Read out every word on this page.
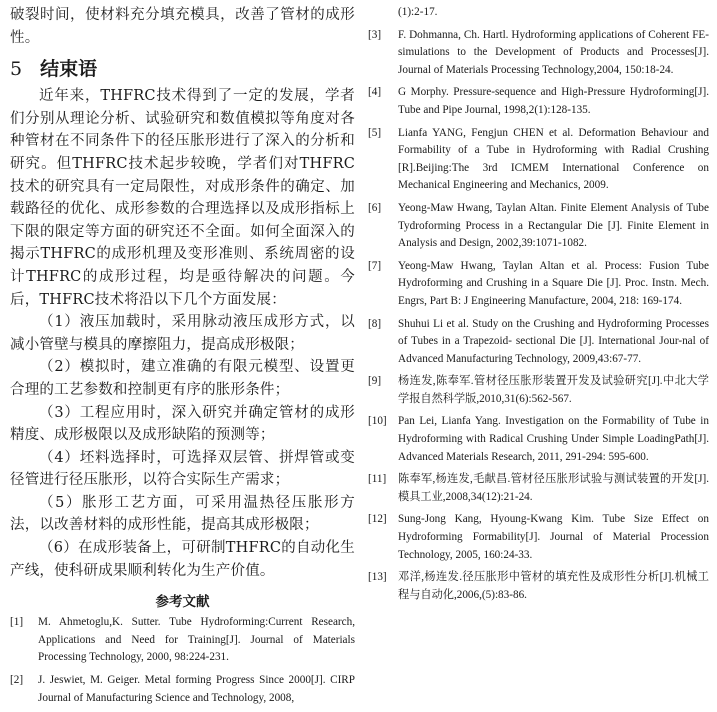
破裂时间，使材料充分填充模具，改善了管材的成形性。

5 结束语

近年来，THFRC技术得到了一定的发展，学者们分别从理论分析、试验研究和数值模拟等角度对各种管材在不同条件下的径压胀形进行了深入的分析和研究。但THFRC技术起步较晚，学者们对THFRC技术的研究具有一定局限性，对成形条件的确定、加载路径的优化、成形参数的合理选择以及成形指标上下限的限定等方面的研究还不全面。如何全面深入的揭示THFRC的成形机理及变形准则、系统周密的设计THFRC的成形过程，均是亟待解决的问题。今后，THFRC技术将沿以下几个方面发展：

（1）液压加载时，采用脉动液压成形方式，以减小管壁与模具的摩擦阻力，提高成形极限；

（2）模拟时，建立准确的有限元模型、设置更合理的工艺参数和控制更有序的胀形条件；

（3）工程应用时，深入研究并确定管材的成形精度、成形极限以及成形缺陷的预测等；

（4）坯料选择时，可选择双层管、拼焊管或变径管进行径压胀形，以符合实际生产需求；

（5）胀形工艺方面，可采用温热径压胀形方法，以改善材料的成形性能，提高其成形极限；

（6）在成形装备上，可研制THFRC的自动化生产线，使科研成果顺利转化为生产价值。

参考文献
[1]	M. Ahmetoglu,K. Sutter. Tube Hydroforming:Current Research, Applications and Need for Training[J]. Journal of Materials Processing Technology, 2000, 98:224-231.
[2]	J. Jeswiet, M. Geiger. Metal forming Progress Since 2000[J]. CIRP Journal of Manufacturing Science and Technology, 2008,
(1):2-17.
[3]	F. Dohmanna, Ch. Hartl. Hydroforming applications of Coherent FE-simulations to the Development of Products and Processes[J]. Journal of Materials Processing Technology,2004, 150:18-24.
[4]	G Morphy. Pressure-sequence and High-Pressure Hydroforming[J]. Tube and Pipe Journal, 1998,2(1):128-135.
[5]	Lianfa YANG, Fengjun CHEN et al. Deformation Behaviour and Formability of a Tube in Hydroforming with Radial Crushing [R].Beijing:The 3rd ICMEM International Conference on Mechanical Engineering and Mechanics, 2009.
[6]	Yeong-Maw Hwang, Taylan Altan. Finite Element Analysis of Tube Tydroforming Process in a Rectangular Die [J]. Finite Element in Analysis and Design, 2002,39:1071-1082.
[7]	Yeong-Maw Hwang, Taylan Altan et al. Process: Fusion Tube Hydroforming and Crushing in a Square Die [J]. Proc. Instn. Mech. Engrs, Part B: J Engineering Manufacture, 2004, 218: 169-174.
[8]	Shuhui Li et al. Study on the Crushing and Hydroforming Processes of Tubes in a Trapezoid- sectional Die [J]. International Jour-nal of Advanced Manufacturing Technology, 2009,43:67-77.
[9]	杨连发,陈奉军.管材径压胀形装置开发及试验研究[J].中北大学学报自然科学版,2010,31(6):562-567.
[10]	Pan Lei, Lianfa Yang. Investigation on the Formability of Tube in Hydroforming with Radical Crushing Under Simple LoadingPath[J]. Advanced Materials Research, 2011, 291-294: 595-600.
[11]	陈奉军,杨连发,毛献昌.管材径压胀形试验与测试装置的开发[J].模具工业,2008,34(12):21-24.
[12]	Sung-Jong Kang, Hyoung-Kwang Kim. Tube Size Effect on Hydroforming Formability[J]. Journal of Material Procession Technology, 2005, 160:24-33.
[13]	邓洋,杨连发.径压胀形中管材的填充性及成形性分析[J].机械工程与自动化,2006,(5):83-86.
